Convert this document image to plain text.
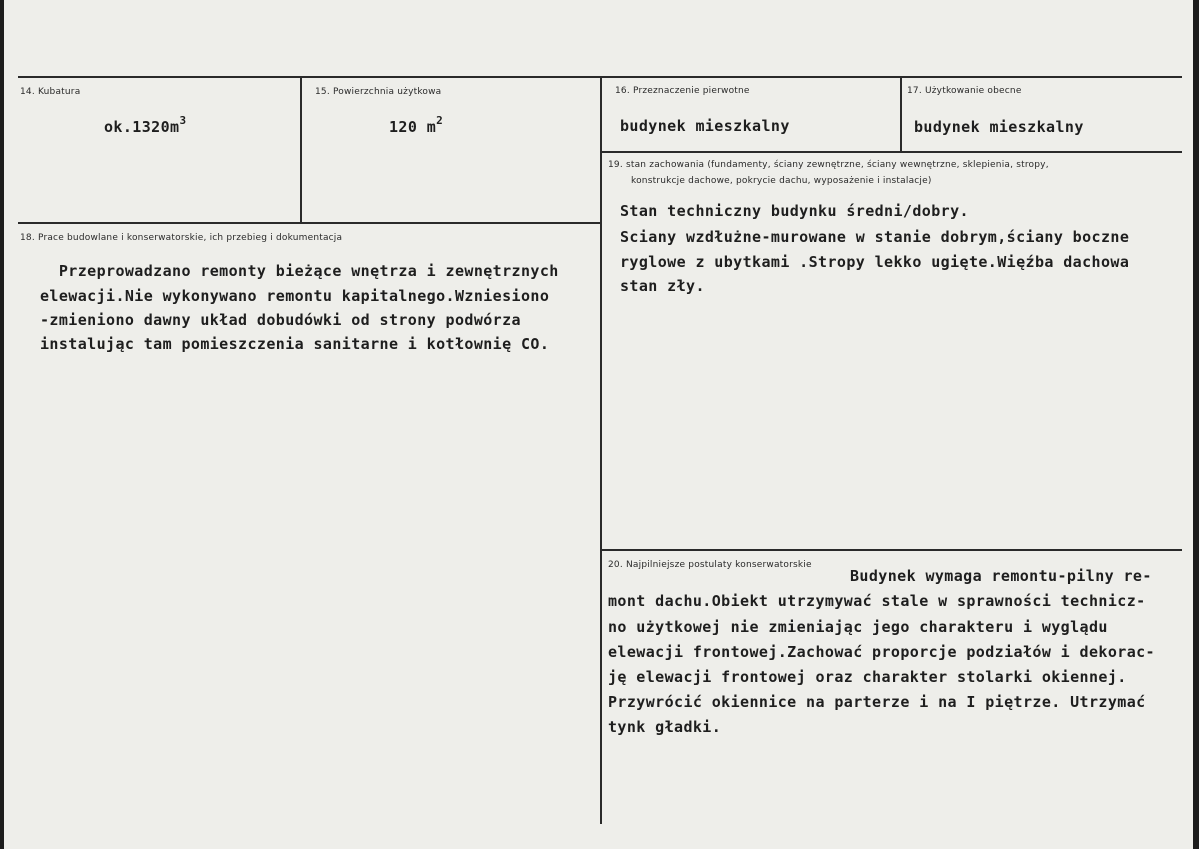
14. Kubatura
$ok.1320m^3$
15. Powierzchnia użytkowa
120 $m^2$
16. Przeznaczenie pierwotne
budynek mieszkalny
17. Użytkowanie obecne
budynek mieszkalny
19. stan zachowania (fundamenty, ściany zewnętrzne, ściany wewnętrzne, sklepienia, stropy,
konstrukcje dachowe, pokrycie dachu, wyposażenie i instalacje)
Stan techniczny budynku średni/dobry.
Sciany wzdłużne-murowane w stanie dobrym,ściany boczne
ryglowe z ubytkami .Stropy lekko ugięte.Więźba dachowa
stan zły.
18. Prace budowlane i konserwatorskie, ich przebieg i dokumentacja
Przeprowadzano remonty bieżące wnętrza i zewnętrznych
elewacji.Nie wykonywano remontu kapitalnego.Wzniesiono
-zmieniono dawny układ dobudówki od strony podwórza
instalując tam pomieszczenia sanitarne i kotłownię CO.
20. Najpilniejsze postulaty konserwatorskie
Budynek wymaga remontu-pilny re-
mont dachu.Obiekt utrzymywać stale w sprawności technicz-
no użytkowej nie zmieniając jego charakteru i wyglądu
elewacji frontowej.Zachować proporcje podziałów i dekorac-
ję elewacji frontowej oraz charakter stolarki okiennej.
Przywrócić okiennice na parterze i na I piętrze. Utrzymać
tynk gładki.
